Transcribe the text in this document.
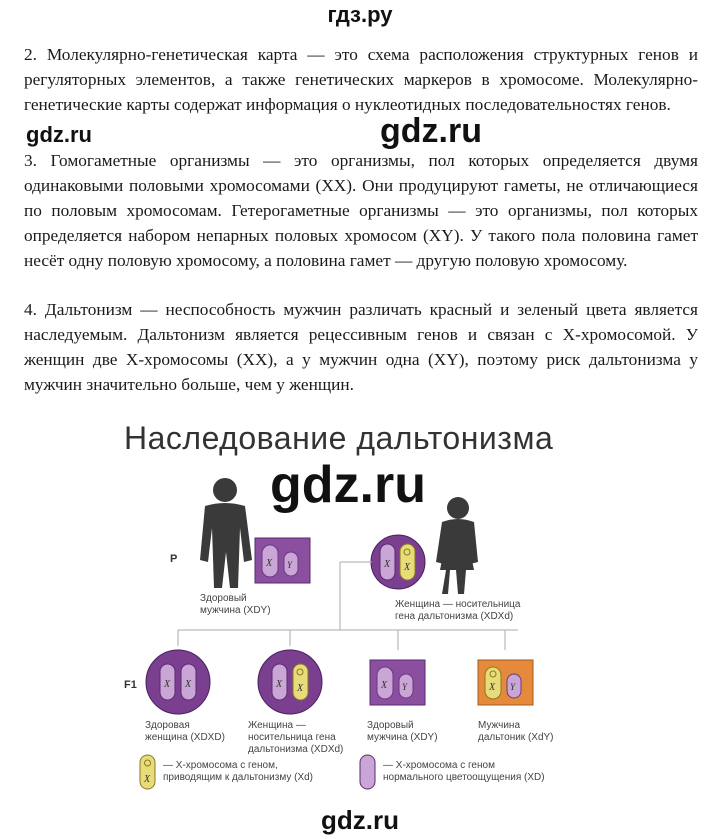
гдз.ру

2. Молекулярно-генетическая карта — это схема расположения структурных генов и регуляторных элементов, а также генетических маркеров в хромосоме. Молекулярно-генетические карты содержат информация о нуклеотидных последовательностях генов.

3. Гомогаметные организмы — это организмы, пол которых определяется двумя одинаковыми половыми хромосомами (XX). Они продуцируют гаметы, не отличающиеся по половым хромосомам. Гетерогаметные организмы — это организмы, пол которых определяется набором непарных половых хромосом (XY). У такого пола половина гамет несёт одну половую хромосому, а половина гамет — другую половую хромосому.

4. Дальтонизм — неспособность мужчин различать красный и зеленый цвета является наследуемым. Дальтонизм является рецессивным генов и связан с X-хромосомой. У женщин две X-хромосомы (XX), а у мужчин одна (XY), поэтому риск дальтонизма у мужчин значительно больше, чем у женщин.

gdz.ru	gdz.ru
Наследование дальтонизма
P
F1
X Y	X X
Здоровый мужчина (XDY)
Женщина — носительница гена дальтонизма (XDXd)
X X	X X	X Y	X Y
Здоровая женщина (XDXD)
Женщина — носительница гена дальтонизма (XDXd)
Здоровый мужчина (XDY)
Мужчина дальтоник (XdY)
X
— X-хромосома с геном, приводящим к дальтонизму (Xd)
— X-хромосома с геном нормального цветоощущения (XD)
gdz.ru
gdz.ru
